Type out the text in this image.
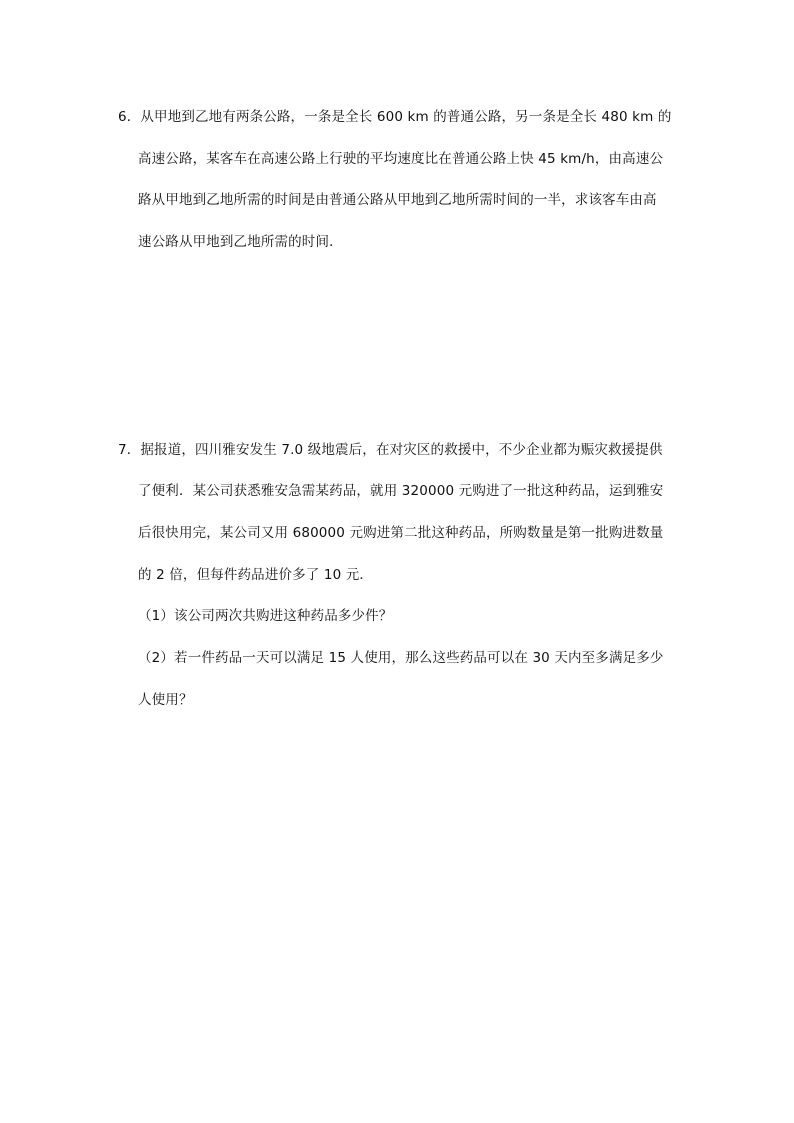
6．从甲地到乙地有两条公路，一条是全长 600 km 的普通公路，另一条是全长 480 km 的
高速公路，某客车在高速公路上行驶的平均速度比在普通公路上快 45 km/h，由高速公
路从甲地到乙地所需的时间是由普通公路从甲地到乙地所需时间的一半，求该客车由高
速公路从甲地到乙地所需的时间．
7．据报道，四川雅安发生 7.0 级地震后，在对灾区的救援中，不少企业都为赈灾救援提供
了便利．某公司获悉雅安急需某药品，就用 320000 元购进了一批这种药品，运到雅安
后很快用完，某公司又用 680000 元购进第二批这种药品，所购数量是第一批购进数量
的 2 倍，但每件药品进价多了 10 元．
（1）该公司两次共购进这种药品多少件？
（2）若一件药品一天可以满足 15 人使用，那么这些药品可以在 30 天内至多满足多少
人使用？
